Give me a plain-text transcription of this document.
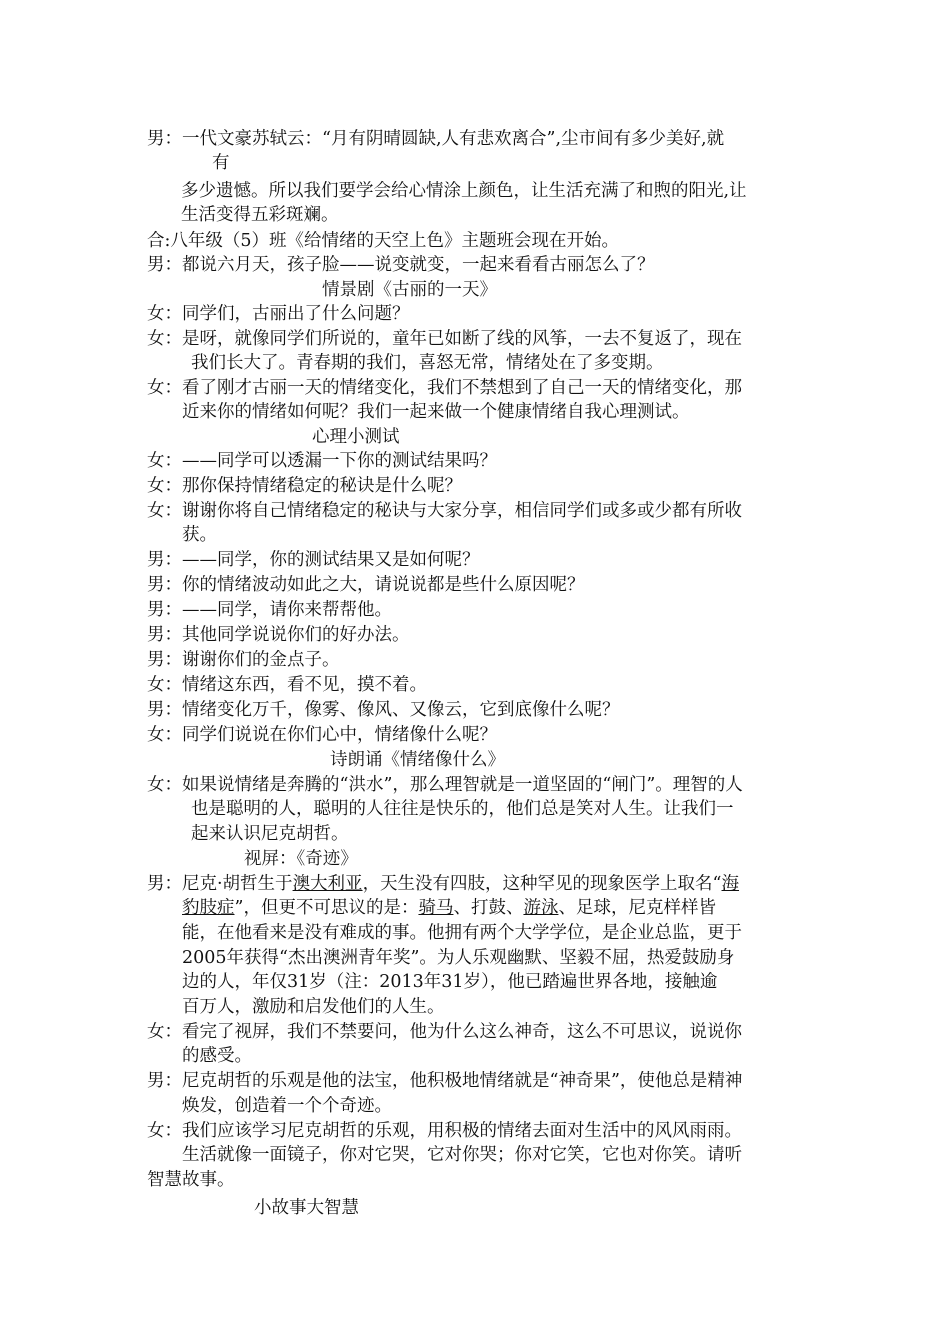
男：一代文豪苏轼云：“月有阴晴圆缺,人有悲欢离合”,尘市间有多少美好,就
有
多少遗憾。所以我们要学会给心情涂上颜色，让生活充满了和煦的阳光,让
生活变得五彩斑斓。
合:八年级（5）班《给情绪的天空上色》主题班会现在开始。
男：都说六月天，孩子脸——说变就变，一起来看看古丽怎么了？
情景剧《古丽的一天》
女：同学们，古丽出了什么问题？
女：是呀，就像同学们所说的，童年已如断了线的风筝，一去不复返了，现在
我们长大了。青春期的我们，喜怒无常，情绪处在了多变期。
女：看了刚才古丽一天的情绪变化，我们不禁想到了自己一天的情绪变化，那
近来你的情绪如何呢？我们一起来做一个健康情绪自我心理测试。
心理小测试
女：——同学可以透漏一下你的测试结果吗？
女：那你保持情绪稳定的秘诀是什么呢？
女：谢谢你将自己情绪稳定的秘诀与大家分享，相信同学们或多或少都有所收
获。
男：——同学，你的测试结果又是如何呢？
男：你的情绪波动如此之大，请说说都是些什么原因呢？
男：——同学，请你来帮帮他。
男：其他同学说说你们的好办法。
男：谢谢你们的金点子。
女：情绪这东西，看不见，摸不着。
男：情绪变化万千，像雾、像风、又像云，它到底像什么呢？
女：同学们说说在你们心中，情绪像什么呢？
诗朗诵《情绪像什么》
女：如果说情绪是奔腾的“洪水”，那么理智就是一道坚固的“闸门”。理智的人
也是聪明的人，聪明的人往往是快乐的，他们总是笑对人生。让我们一
起来认识尼克胡哲。
视屏：《奇迹》
男：尼克·胡哲生于澳大利亚，天生没有四肢，这种罕见的现象医学上取名“海
豹肢症”，但更不可思议的是：骑马、打鼓、游泳、足球，尼克样样皆
能，在他看来是没有难成的事。他拥有两个大学学位，是企业总监，更于
2005年获得“杰出澳洲青年奖”。为人乐观幽默、坚毅不屈，热爱鼓励身
边的人，年仅31岁（注：2013年31岁），他已踏遍世界各地，接触逾
百万人，激励和启发他们的人生。
女：看完了视屏，我们不禁要问，他为什么这么神奇，这么不可思议，说说你
的感受。
男：尼克胡哲的乐观是他的法宝，他积极地情绪就是“神奇果”，使他总是精神
焕发，创造着一个个奇迹。
女：我们应该学习尼克胡哲的乐观，用积极的情绪去面对生活中的风风雨雨。
生活就像一面镜子，你对它哭，它对你哭；你对它笑，它也对你笑。请听
智慧故事。
小故事大智慧
